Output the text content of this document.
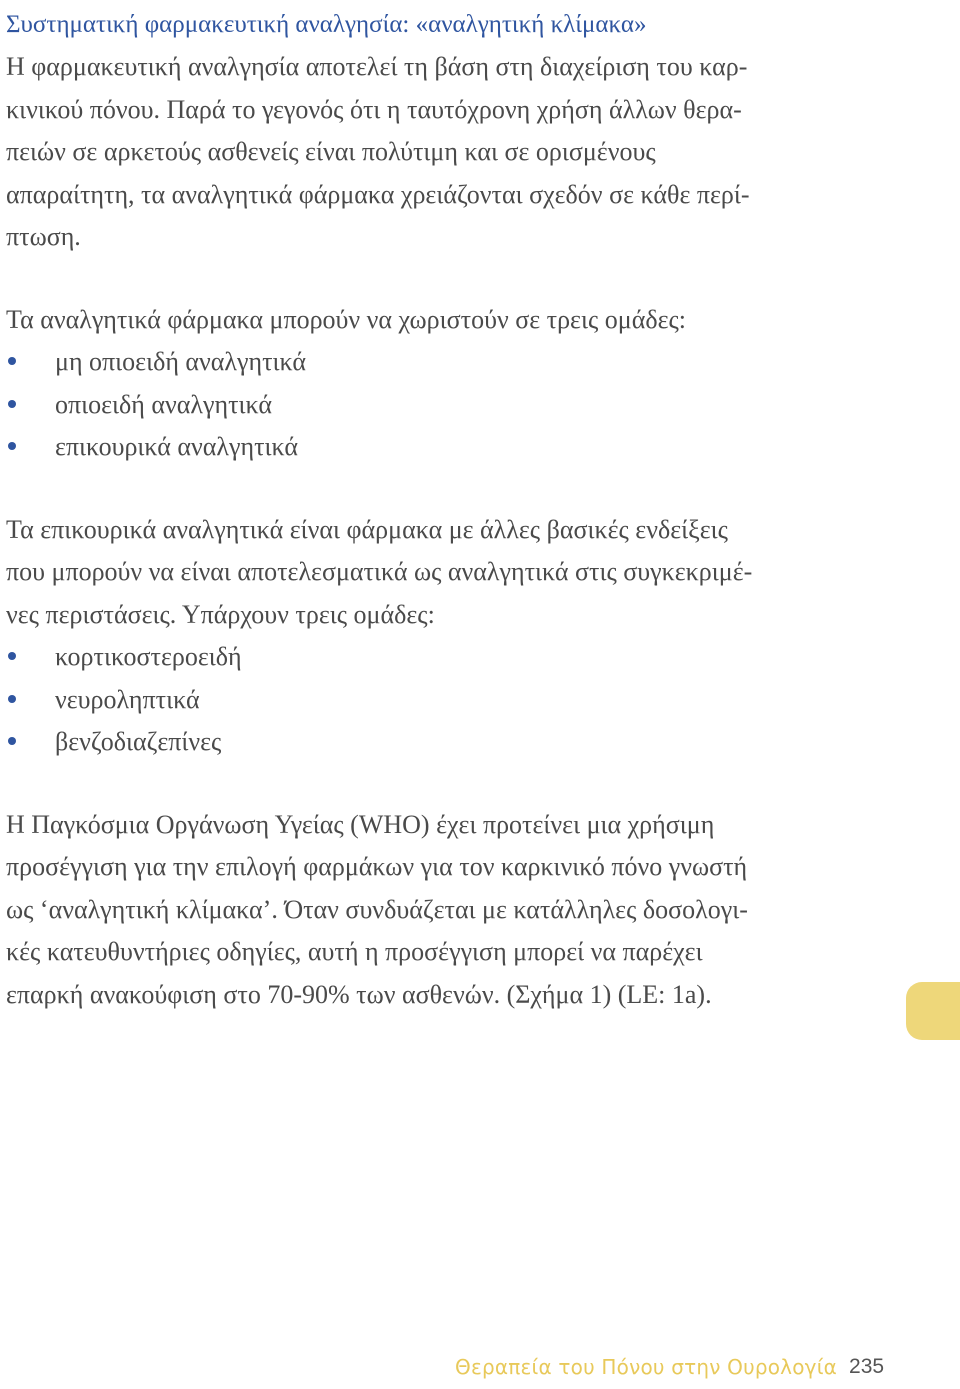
Συστηματική φαρμακευτική αναλγησία: «αναλγητική κλίμακα»

Η φαρμακευτική αναλγησία αποτελεί τη βάση στη διαχείριση του καρ-
κινικού πόνου. Παρά το γεγονός ότι η ταυτόχρονη χρήση άλλων θερα-
πειών σε αρκετούς ασθενείς είναι πολύτιμη και σε ορισμένους
απαραίτητη, τα αναλγητικά φάρμακα χρειάζονται σχεδόν σε κάθε περί-
πτωση.

Τα αναλγητικά φάρμακα μπορούν να χωριστούν σε τρεις ομάδες:

μη οπιοειδή αναλγητικά
οπιοειδή αναλγητικά
επικουρικά αναλγητικά

Τα επικουρικά αναλγητικά είναι φάρμακα με άλλες βασικές ενδείξεις
που μπορούν να είναι αποτελεσματικά ως αναλγητικά στις συγκεκριμέ-
νες περιστάσεις. Υπάρχουν τρεις ομάδες:

κορτικοστεροειδή
νευροληπτικά
βενζοδιαζεπίνες

Η Παγκόσμια Οργάνωση Υγείας (WHO) έχει προτείνει μια χρήσιμη
προσέγγιση για την επιλογή φαρμάκων για τον καρκινικό πόνο γνωστή
ως ‘αναλγητική κλίμακα’. Όταν συνδυάζεται με κατάλληλες δοσολογι-
κές κατευθυντήριες οδηγίες, αυτή η προσέγγιση μπορεί να παρέχει
επαρκή ανακούφιση στο 70-90% των ασθενών. (Σχήμα 1) (LE: 1a).

Θεραπεία του Πόνου στην Ουρολογία 235
